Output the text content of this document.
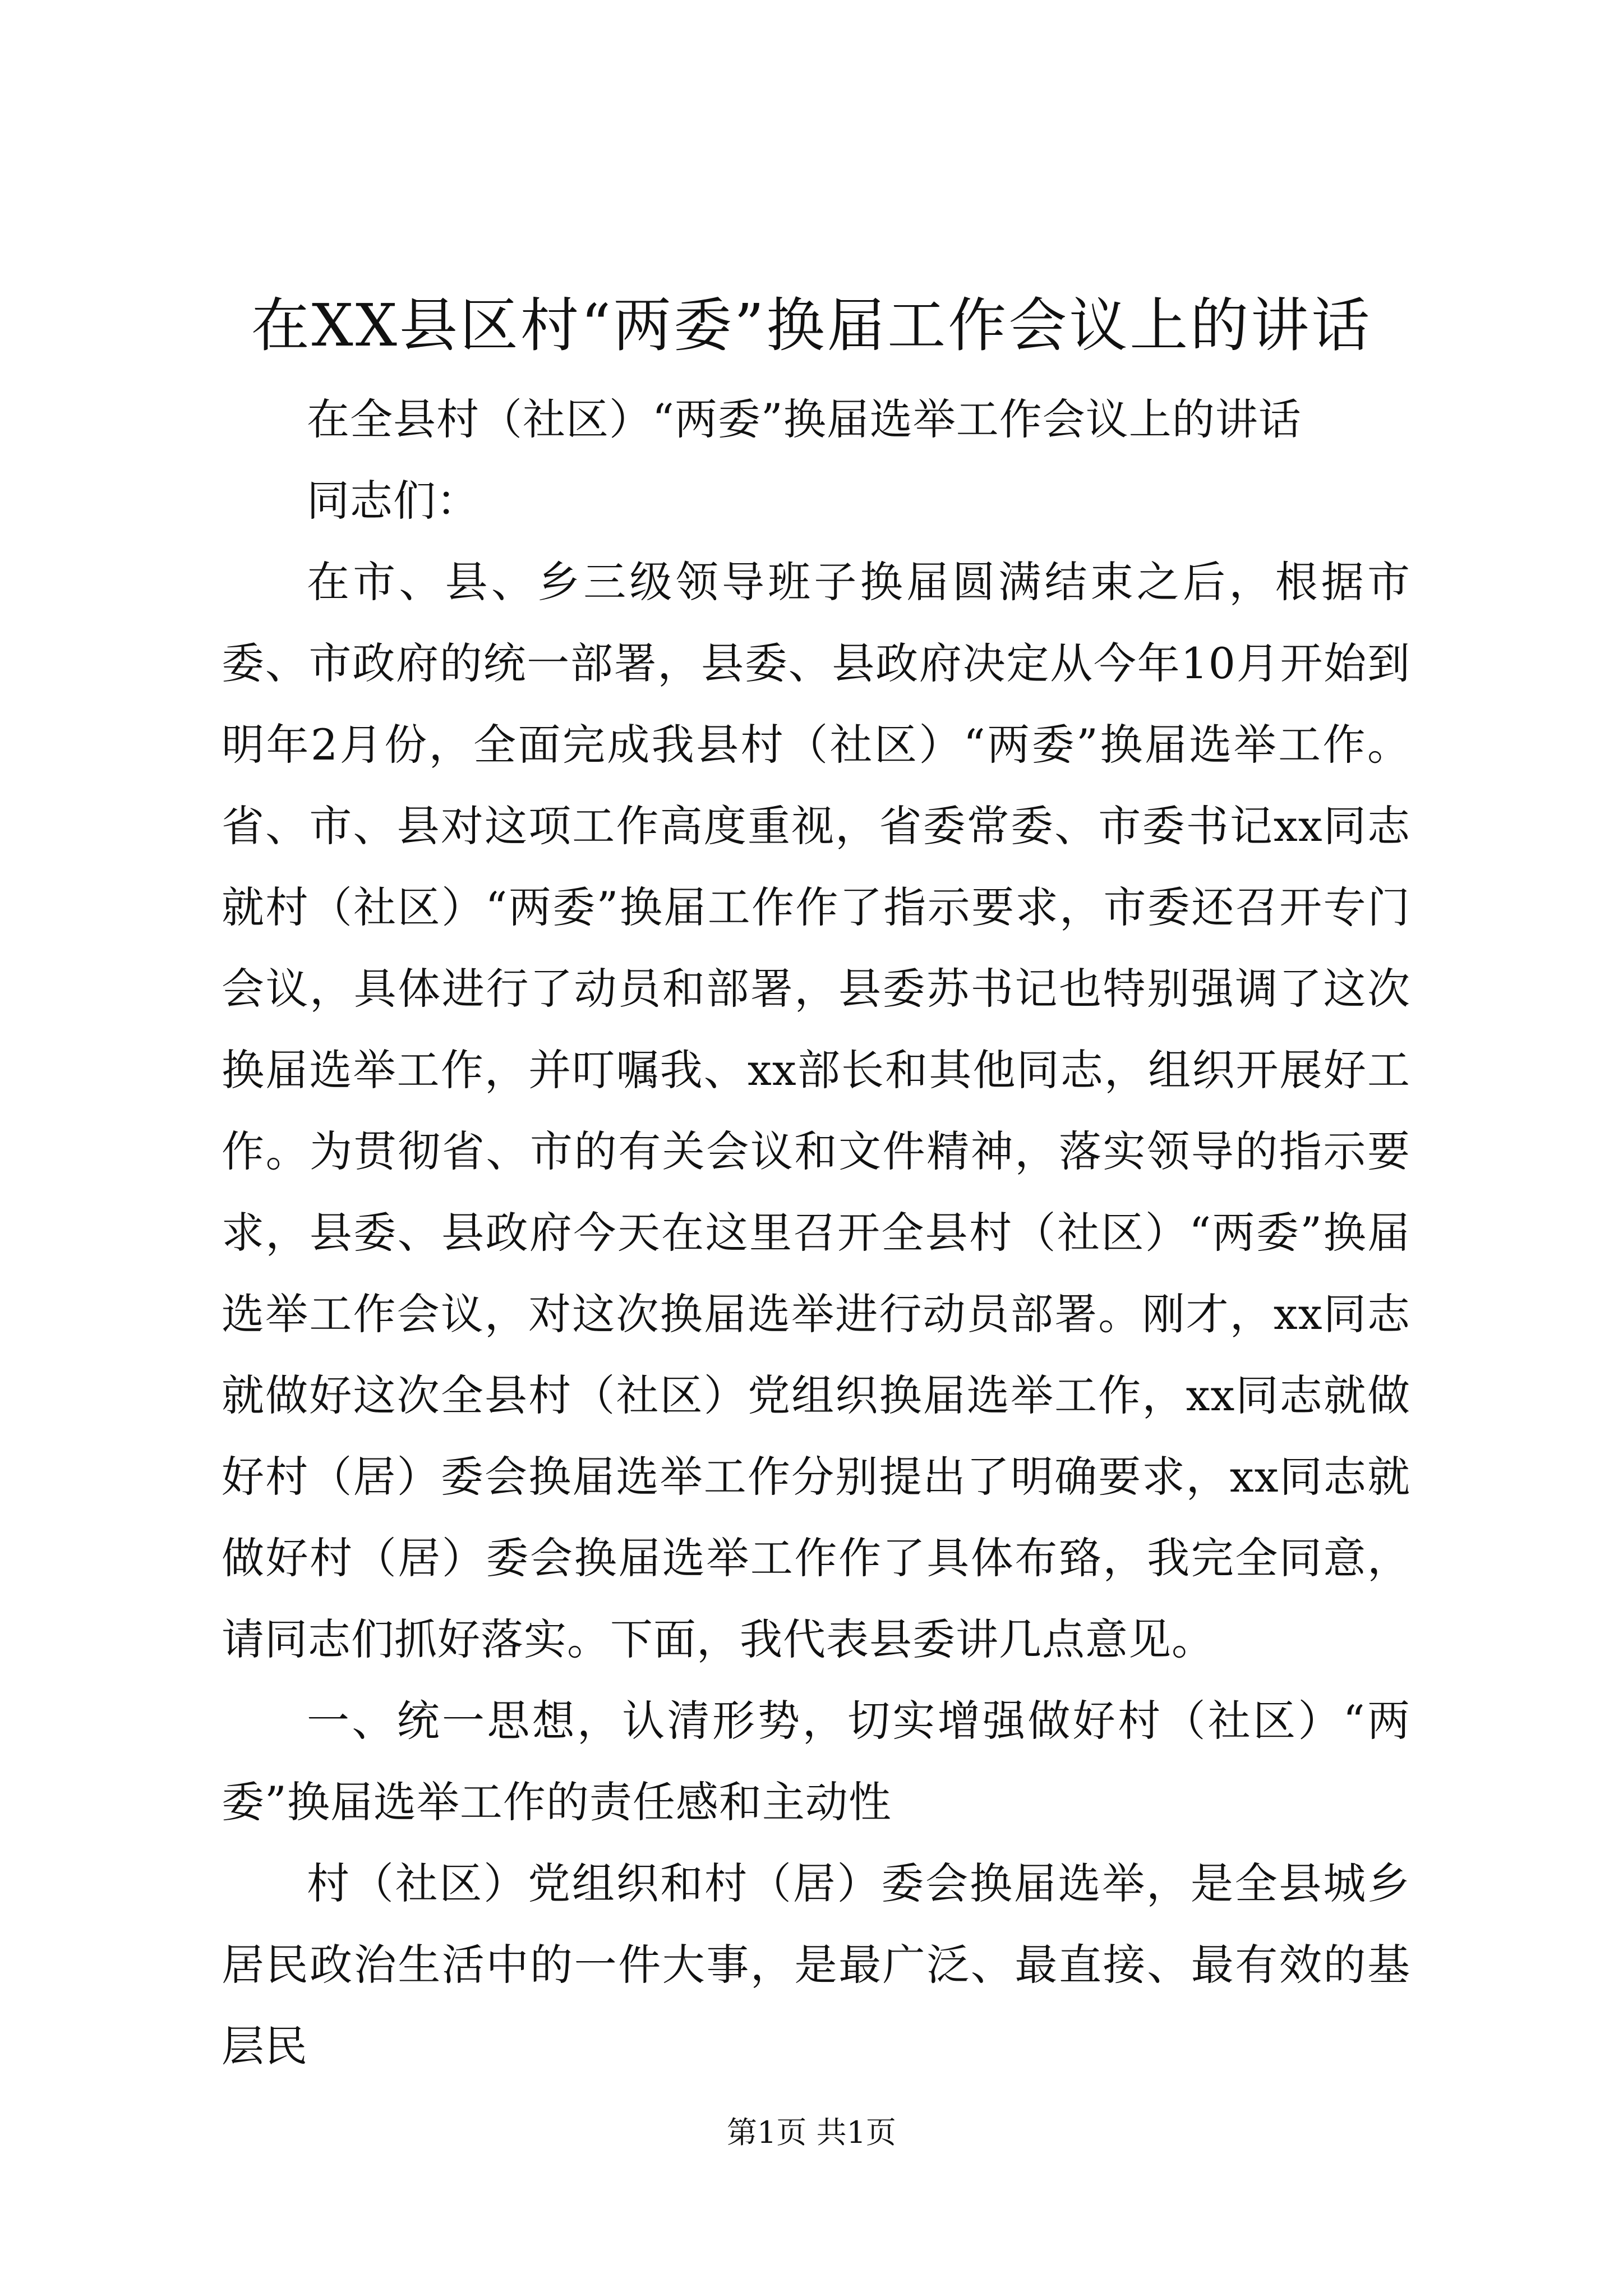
在XX县区村“两委”换届工作会议上的讲话

在全县村（社区）“两委”换届选举工作会议上的讲话

同志们：

在市、县、乡三级领导班子换届圆满结束之后，根据市委、市政府的统一部署，县委、县政府决定从今年10月开始到明年2月份，全面完成我县村（社区）“两委”换届选举工作。省、市、县对这项工作高度重视，省委常委、市委书记xx同志就村（社区）“两委”换届工作作了指示要求，市委还召开专门会议，具体进行了动员和部署，县委苏书记也特别强调了这次换届选举工作，并叮嘱我、xx部长和其他同志，组织开展好工作。为贯彻省、市的有关会议和文件精神，落实领导的指示要求，县委、县政府今天在这里召开全县村（社区）“两委”换届选举工作会议，对这次换届选举进行动员部署。刚才，xx同志就做好这次全县村（社区）党组织换届选举工作，xx同志就做好村（居）委会换届选举工作分别提出了明确要求，xx同志就做好村（居）委会换届选举工作作了具体布臵，我完全同意，请同志们抓好落实。下面，我代表县委讲几点意见。

一、统一思想，认清形势，切实增强做好村（社区）“两委”换届选举工作的责任感和主动性

村（社区）党组织和村（居）委会换届选举，是全县城乡居民政治生活中的一件大事，是最广泛、最直接、最有效的基层民

第1页 共1页
